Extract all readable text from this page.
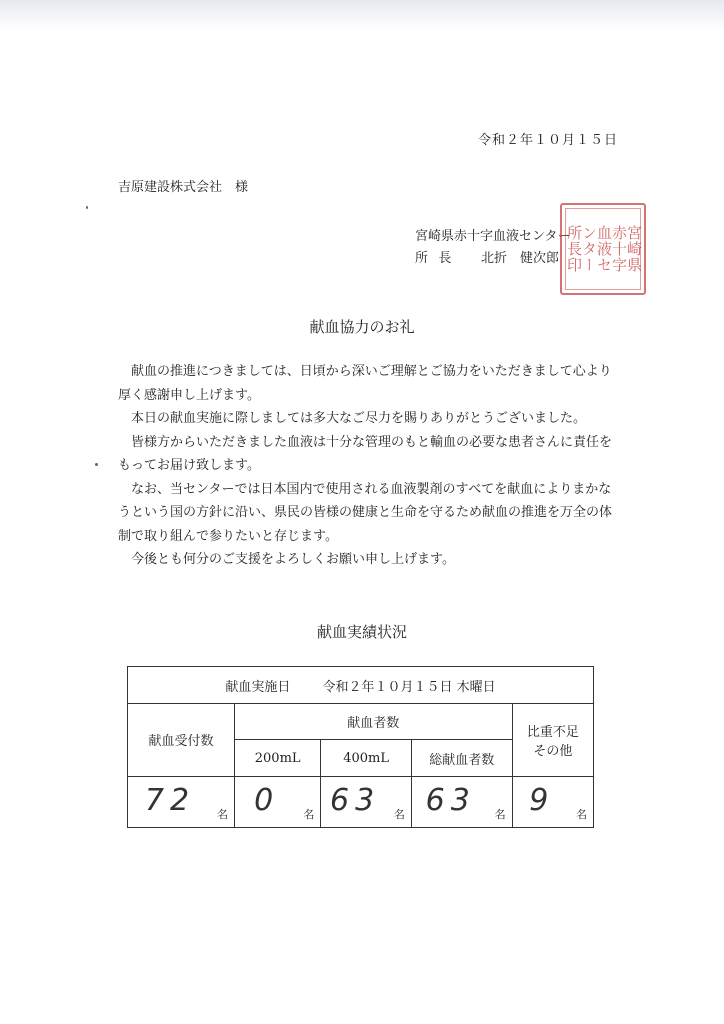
令和２年１０月１５日
吉原建設株式会社　様
宮崎県赤十字血液センター
所長 北折　健次郎	宮崎県
赤十字
血液セ
ンター
所長印
献血協力のお礼

献血の推進につきましては、日頃から深いご理解とご協力をいただきまして心より厚く感謝申し上げます。

本日の献血実施に際しましては多大なご尽力を賜りありがとうございました。

皆様方からいただきました血液は十分な管理のもと輸血の必要な患者さんに責任をもってお届け致します。

なお、当センターでは日本国内で使用される血液製剤のすべてを献血によりまかなうという国の方針に沿い、県民の皆様の健康と生命を守るため献血の推進を万全の体制で取り組んで参りたいと存じます。

今後とも何分のご支援をよろしくお願い申し上げます。

献血実績状況
献血実施日 令和２年１０月１５日 木曜日				
献血受付数	献血者数			比重不足
その他

	200mL	400mL	総献血者数	

72 名	0 名	63 名	63 名	9 名
